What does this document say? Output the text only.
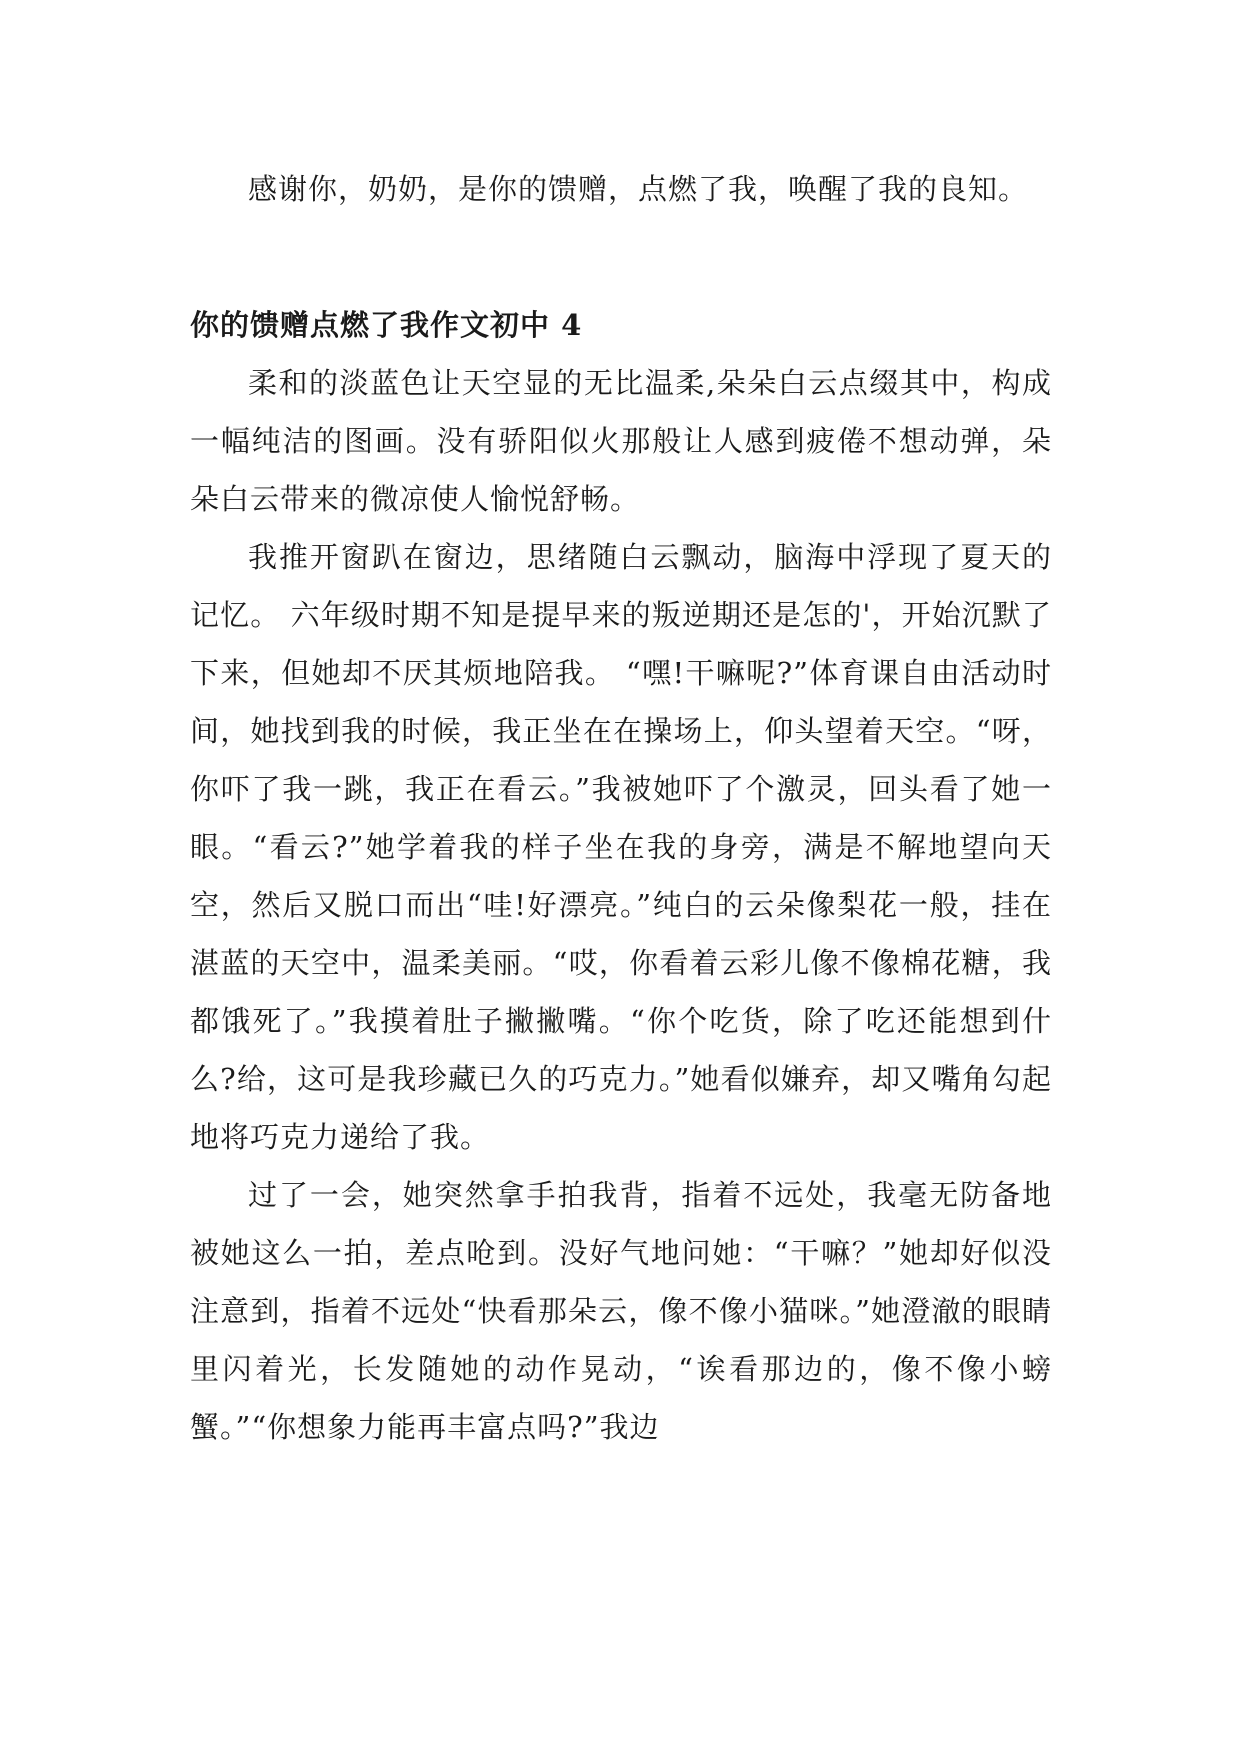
感谢你，奶奶，是你的馈赠，点燃了我，唤醒了我的良知。

你的馈赠点燃了我作文初中 4

柔和的淡蓝色让天空显的无比温柔,朵朵白云点缀其中，构成一幅纯洁的图画。没有骄阳似火那般让人感到疲倦不想动弹，朵朵白云带来的微凉使人愉悦舒畅。

我推开窗趴在窗边，思绪随白云飘动，脑海中浮现了夏天的记忆。 六年级时期不知是提早来的叛逆期还是怎的'，开始沉默了下来，但她却不厌其烦地陪我。 “嘿!干嘛呢?”体育课自由活动时间，她找到我的时候，我正坐在在操场上，仰头望着天空。“呀，你吓了我一跳，我正在看云。”我被她吓了个激灵，回头看了她一眼。“看云?”她学着我的样子坐在我的身旁，满是不解地望向天空，然后又脱口而出“哇!好漂亮。”纯白的云朵像梨花一般，挂在湛蓝的天空中，温柔美丽。“哎，你看着云彩儿像不像棉花糖，我都饿死了。”我摸着肚子撇撇嘴。“你个吃货，除了吃还能想到什么?给，这可是我珍藏已久的巧克力。”她看似嫌弃，却又嘴角勾起地将巧克力递给了我。

过了一会，她突然拿手拍我背，指着不远处，我毫无防备地被她这么一拍，差点呛到。没好气地问她：“干嘛？”她却好似没注意到，指着不远处“快看那朵云，像不像小猫咪。”她澄澈的眼睛里闪着光，长发随她的动作晃动，“诶看那边的，像不像小螃蟹。”“你想象力能再丰富点吗?”我边
